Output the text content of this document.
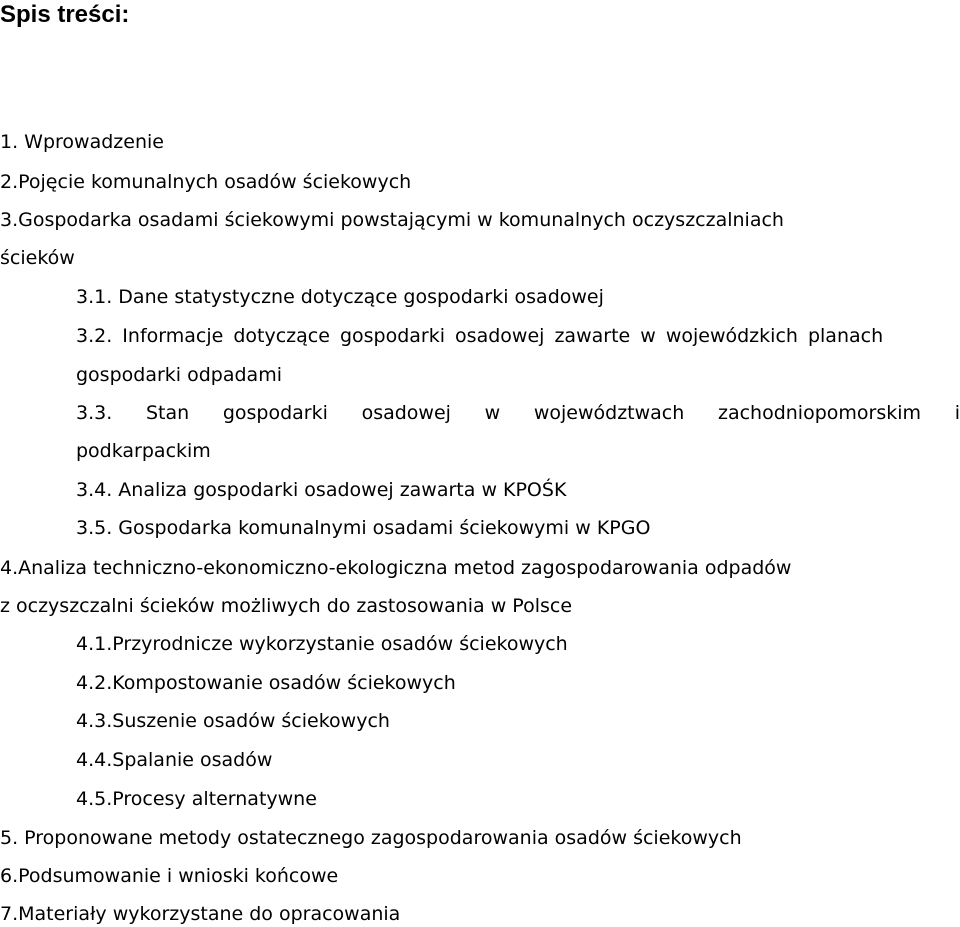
Spis treści:
1. Wprowadzenie
2.Pojęcie komunalnych osadów ściekowych
3.Gospodarka osadami ściekowymi powstającymi w komunalnych oczyszczalniach
ścieków
3.1. Dane statystyczne dotyczące gospodarki osadowej
3.2. Informacje dotyczące gospodarki osadowej zawarte w wojewódzkich planach
gospodarki odpadami
3.3. Stan gospodarki osadowej w województwach zachodniopomorskim i
podkarpackim
3.4. Analiza gospodarki osadowej zawarta w KPOŚK
3.5. Gospodarka komunalnymi osadami ściekowymi w KPGO
4.Analiza techniczno-ekonomiczno-ekologiczna metod zagospodarowania odpadów
z oczyszczalni ścieków możliwych do zastosowania w Polsce
4.1.Przyrodnicze wykorzystanie osadów ściekowych
4.2.Kompostowanie osadów ściekowych
4.3.Suszenie osadów ściekowych
4.4.Spalanie osadów
4.5.Procesy alternatywne
5. Proponowane metody ostatecznego zagospodarowania osadów ściekowych
6.Podsumowanie i wnioski końcowe
7.Materiały wykorzystane do opracowania
